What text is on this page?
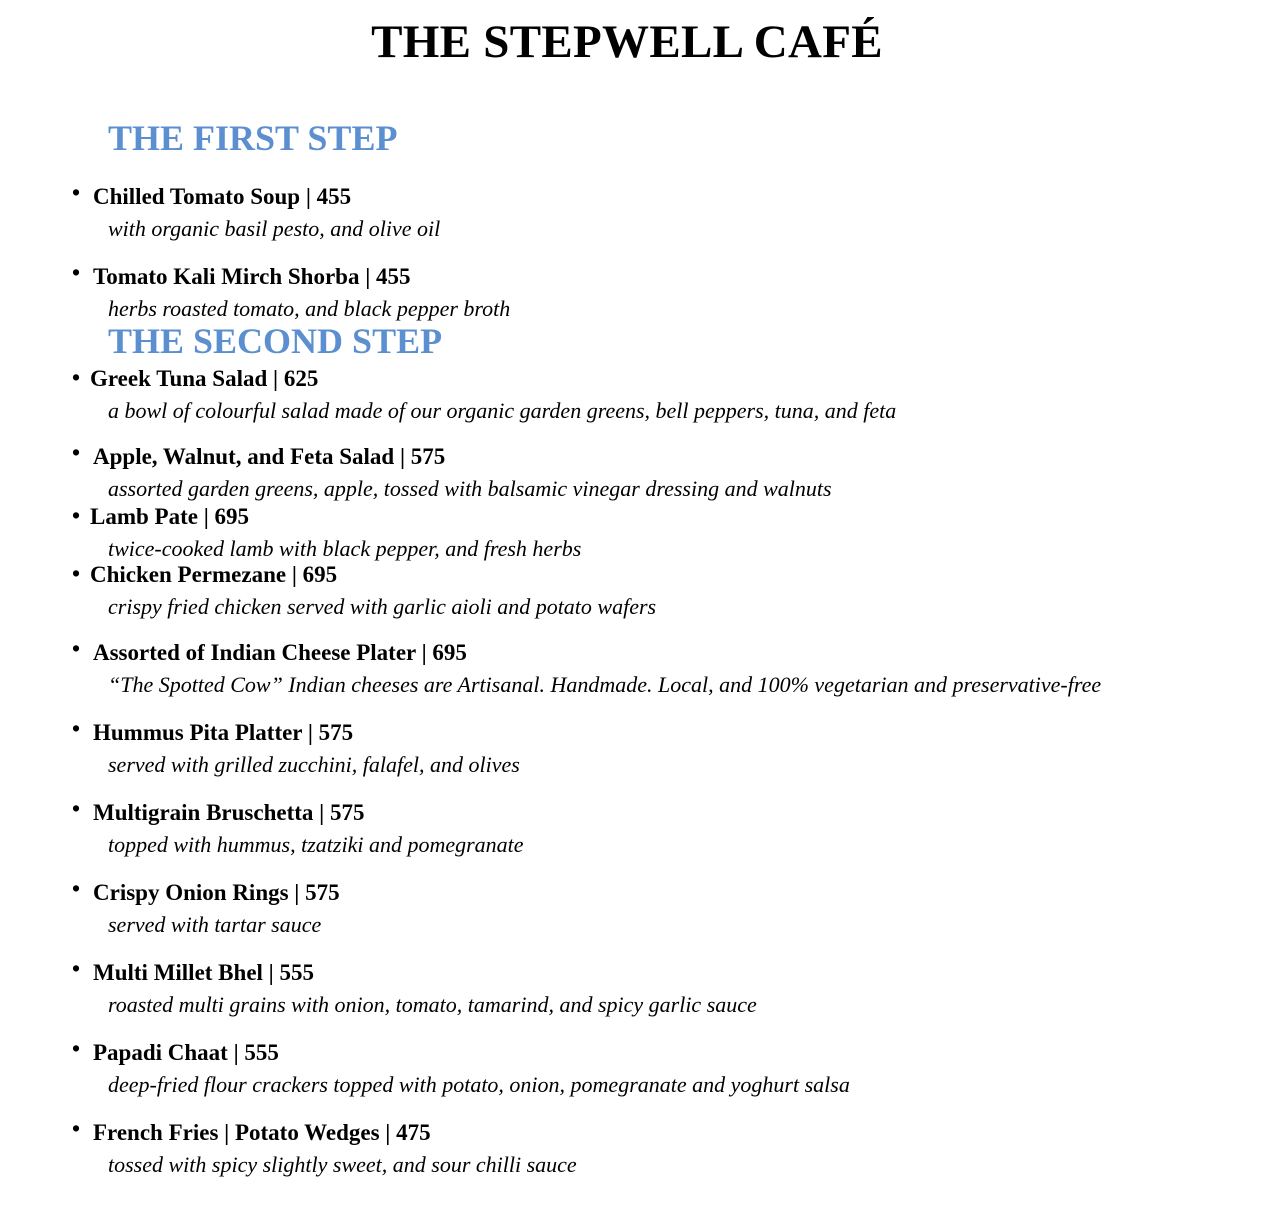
THE STEPWELL CAFÉ
THE FIRST STEP
• Chilled Tomato Soup | 455
with organic basil pesto, and olive oil
• Tomato Kali Mirch Shorba | 455
herbs roasted tomato, and black pepper broth
THE SECOND STEP
• Greek Tuna Salad | 625
a bowl of colourful salad made of our organic garden greens, bell peppers, tuna, and feta
• Apple, Walnut, and Feta Salad | 575
assorted garden greens, apple, tossed with balsamic vinegar dressing and walnuts
• Lamb Pate | 695
twice-cooked lamb with black pepper, and fresh herbs
• Chicken Permezane | 695
crispy fried chicken served with garlic aioli and potato wafers
• Assorted of Indian Cheese Plater | 695
“The Spotted Cow” Indian cheeses are Artisanal. Handmade. Local, and 100% vegetarian and preservative-free
• Hummus Pita Platter | 575
served with grilled zucchini, falafel, and olives
• Multigrain Bruschetta | 575
topped with hummus, tzatziki and pomegranate
• Crispy Onion Rings | 575
served with tartar sauce
• Multi Millet Bhel | 555
roasted multi grains with onion, tomato, tamarind, and spicy garlic sauce
• Papadi Chaat | 555
deep-fried flour crackers topped with potato, onion, pomegranate and yoghurt salsa
• French Fries | Potato Wedges | 475
tossed with spicy slightly sweet, and sour chilli sauce
